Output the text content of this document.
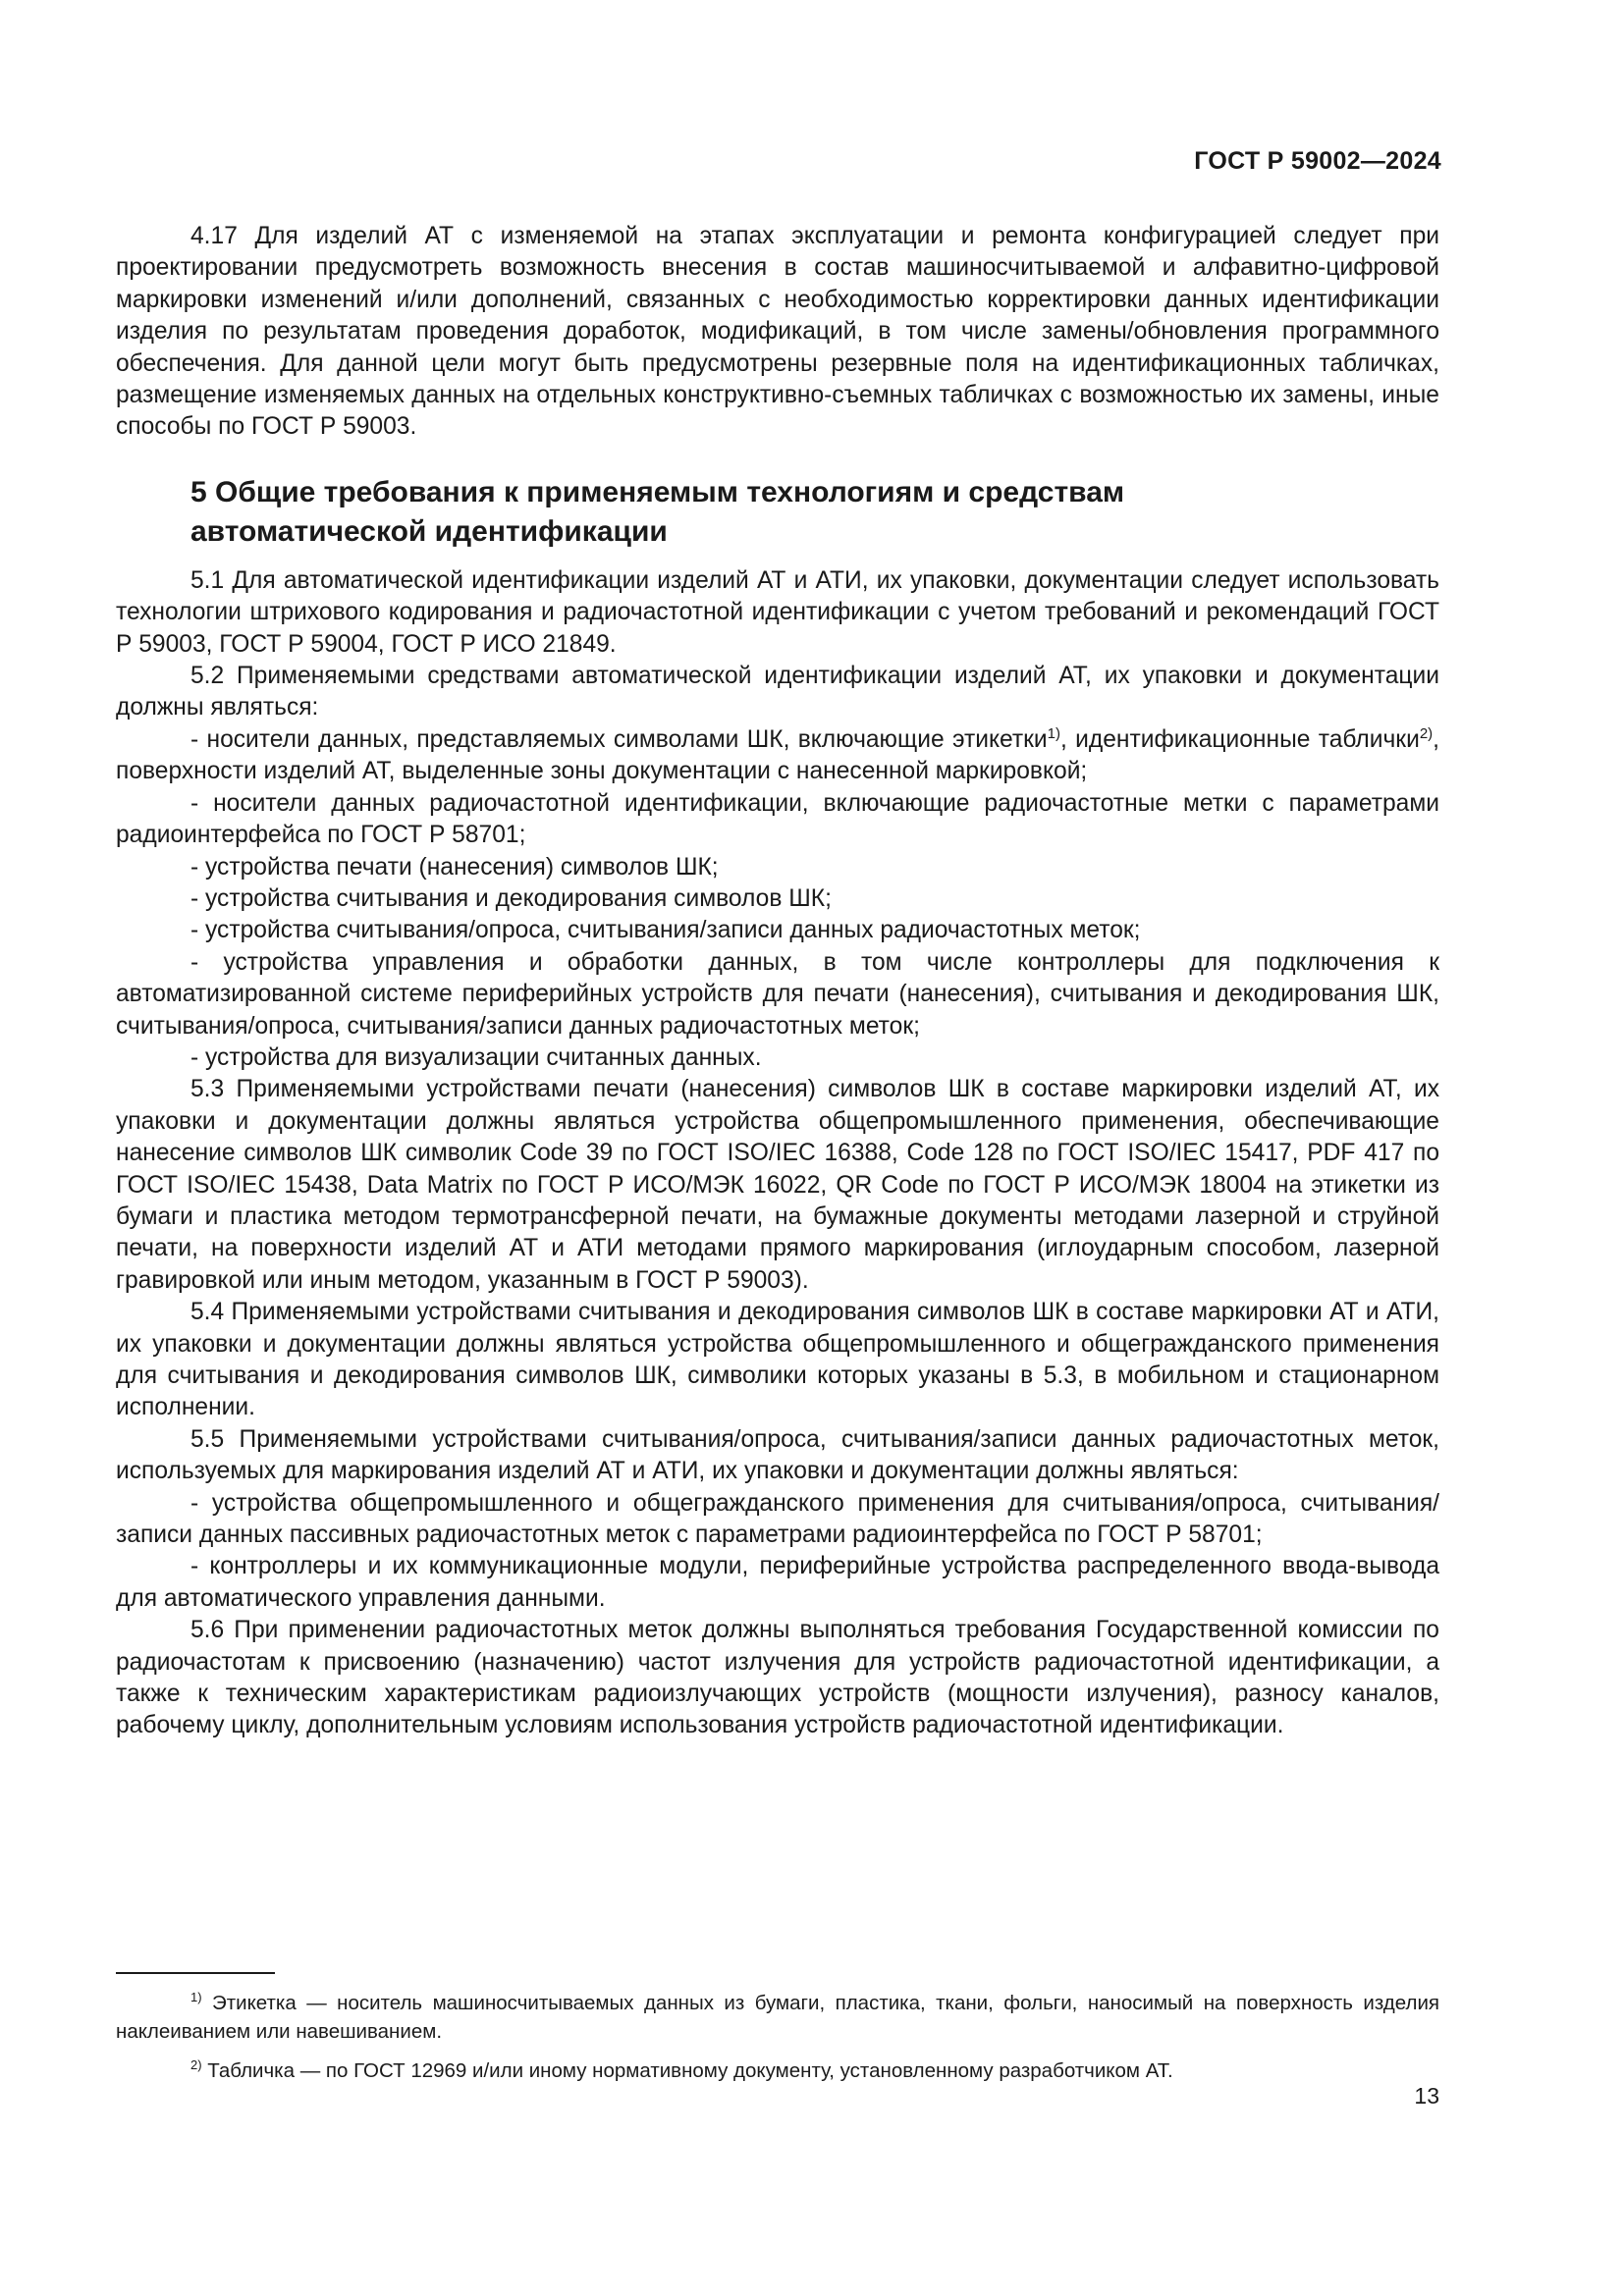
ГОСТ Р 59002—2024

4.17 Для изделий АТ с изменяемой на этапах эксплуатации и ремонта конфигурацией следует при проектировании предусмотреть возможность внесения в состав машиносчитываемой и алфавитно-цифровой маркировки изменений и/или дополнений, связанных с необходимостью корректировки данных идентификации изделия по результатам проведения доработок, модификаций, в том числе замены/обновления программного обеспечения. Для данной цели могут быть предусмотрены резервные поля на идентификационных табличках, размещение изменяемых данных на отдельных конструктивно-съемных табличках с возможностью их замены, иные способы по ГОСТ Р 59003.

5 Общие требования к применяемым технологиям и средствам
автоматической идентификации

5.1 Для автоматической идентификации изделий АТ и АТИ, их упаковки, документации следует использовать технологии штрихового кодирования и радиочастотной идентификации с учетом требований и рекомендаций ГОСТ Р 59003, ГОСТ Р 59004, ГОСТ Р ИСО 21849.

5.2 Применяемыми средствами автоматической идентификации изделий АТ, их упаковки и документации должны являться:

- носители данных, представляемых символами ШК, включающие этикетки$^{1)}$, идентификационные таблички$^{2)}$, поверхности изделий АТ, выделенные зоны документации с нанесенной маркировкой;

- носители данных радиочастотной идентификации, включающие радиочастотные метки с параметрами радиоинтерфейса по ГОСТ Р 58701;

- устройства печати (нанесения) символов ШК;

- устройства считывания и декодирования символов ШК;

- устройства считывания/опроса, считывания/записи данных радиочастотных меток;

- устройства управления и обработки данных, в том числе контроллеры для подключения к автоматизированной системе периферийных устройств для печати (нанесения), считывания и декодирования ШК, считывания/опроса, считывания/записи данных радиочастотных меток;

- устройства для визуализации считанных данных.

5.3 Применяемыми устройствами печати (нанесения) символов ШК в составе маркировки изделий АТ, их упаковки и документации должны являться устройства общепромышленного применения, обеспечивающие нанесение символов ШК символик Code 39 по ГОСТ ISO/IEC 16388, Code 128 по ГОСТ ISO/IEC 15417, PDF 417 по ГОСТ ISO/IEC 15438, Data Matrix по ГОСТ Р ИСО/МЭК 16022, QR Code по ГОСТ Р ИСО/МЭК 18004 на этикетки из бумаги и пластика методом термотрансферной печати, на бумажные документы методами лазерной и струйной печати, на поверхности изделий АТ и АТИ методами прямого маркирования (иглоударным способом, лазерной гравировкой или иным методом, указанным в ГОСТ Р 59003).

5.4 Применяемыми устройствами считывания и декодирования символов ШК в составе маркировки АТ и АТИ, их упаковки и документации должны являться устройства общепромышленного и общегражданского применения для считывания и декодирования символов ШК, символики которых указаны в 5.3, в мобильном и стационарном исполнении.

5.5 Применяемыми устройствами считывания/опроса, считывания/записи данных радиочастотных меток, используемых для маркирования изделий АТ и АТИ, их упаковки и документации должны являться:

- устройства общепромышленного и общегражданского применения для считывания/опроса, считывания/записи данных пассивных радиочастотных меток с параметрами радиоинтерфейса по ГОСТ Р 58701;

- контроллеры и их коммуникационные модули, периферийные устройства распределенного ввода-вывода для автоматического управления данными.

5.6 При применении радиочастотных меток должны выполняться требования Государственной комиссии по радиочастотам к присвоению (назначению) частот излучения для устройств радиочастотной идентификации, а также к техническим характеристикам радиоизлучающих устройств (мощности излучения), разносу каналов, рабочему циклу, дополнительным условиям использования устройств радиочастотной идентификации.

$^{1)}$ Этикетка — носитель машиносчитываемых данных из бумаги, пластика, ткани, фольги, наносимый на поверхность изделия наклеиванием или навешиванием.

$^{2)}$ Табличка — по ГОСТ 12969 и/или иному нормативному документу, установленному разработчиком АТ.

13
